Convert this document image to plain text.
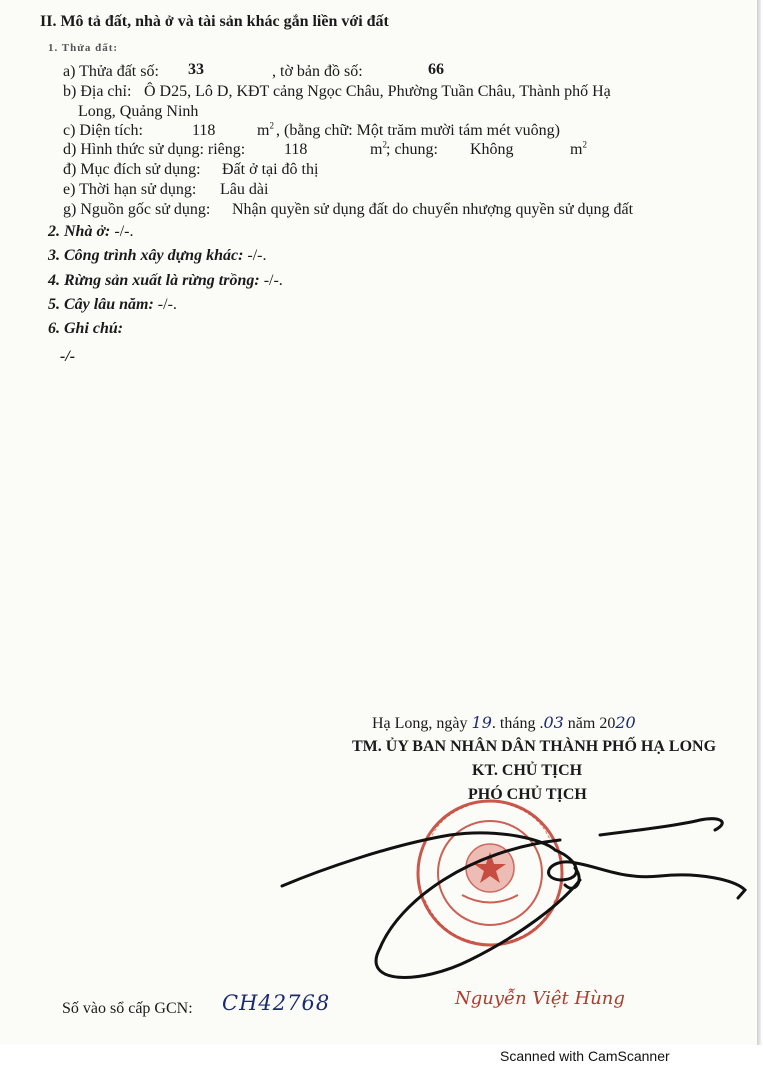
II. Mô tả đất, nhà ở và tài sản khác gắn liền với đất
1. Thửa đất:
a) Thửa đất số: 33	, tờ bản đồ số:	66
b) Địa chỉ: Ô D25, Lô D, KĐT cảng Ngọc Châu, Phường Tuần Châu, Thành phố Hạ
Long, Quảng Ninh
c) Diện tích:	118	$m^2$ , (bằng chữ: Một trăm mười tám mét vuông)
d) Hình thức sử dụng: riêng: 118	$m^2$ ; chung: Không	$m^2$
đ) Mục đích sử dụng: Đất ở tại đô thị
e) Thời hạn sử dụng: Lâu dài
g) Nguồn gốc sử dụng: Nhận quyền sử dụng đất do chuyển nhượng quyền sử dụng đất
2. Nhà ở: -/-.
3. Công trình xây dựng khác: -/-.
4. Rừng sản xuất là rừng trồng: -/-.
5. Cây lâu năm: -/-.
6. Ghi chú:
-/-
Hạ Long, ngày 19. tháng .03 năm 2020
TM. ỦY BAN NHÂN DÂN THÀNH PHỐ HẠ LONG
KT. CHỦ TỊCH
PHÓ CHỦ TỊCH
Nguyễn Việt Hùng
Số vào sổ cấp GCN: CH42768
Scanned with CamScanner
